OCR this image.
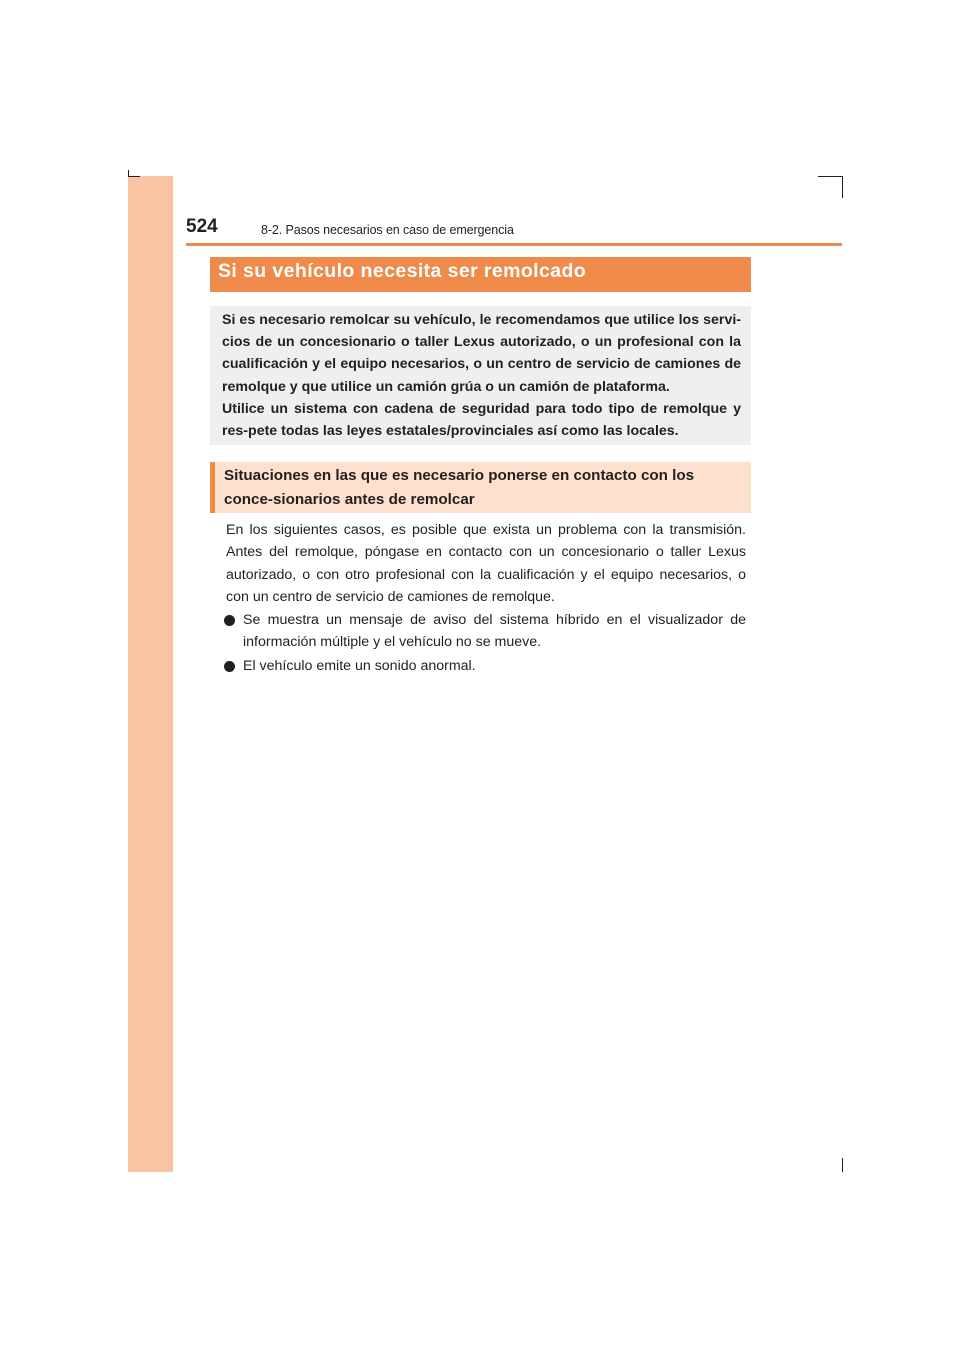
524	8-2. Pasos necesarios en caso de emergencia
Si su vehículo necesita ser remolcado

Si es necesario remolcar su vehículo, le recomendamos que utilice los servi-cios de un concesionario o taller Lexus autorizado, o un profesional con la cualificación y el equipo necesarios, o un centro de servicio de camiones de remolque y que utilice un camión grúa o un camión de plataforma.

Utilice un sistema con cadena de seguridad para todo tipo de remolque y res-pete todas las leyes estatales/provinciales así como las locales.

Situaciones en las que es necesario ponerse en contacto con los conce-sionarios antes de remolcar

En los siguientes casos, es posible que exista un problema con la transmisión. Antes del remolque, póngase en contacto con un concesionario o taller Lexus autorizado, o con otro profesional con la cualificación y el equipo necesarios, o con un centro de servicio de camiones de remolque.

Se muestra un mensaje de aviso del sistema híbrido en el visualizador de información múltiple y el vehículo no se mueve.
El vehículo emite un sonido anormal.
